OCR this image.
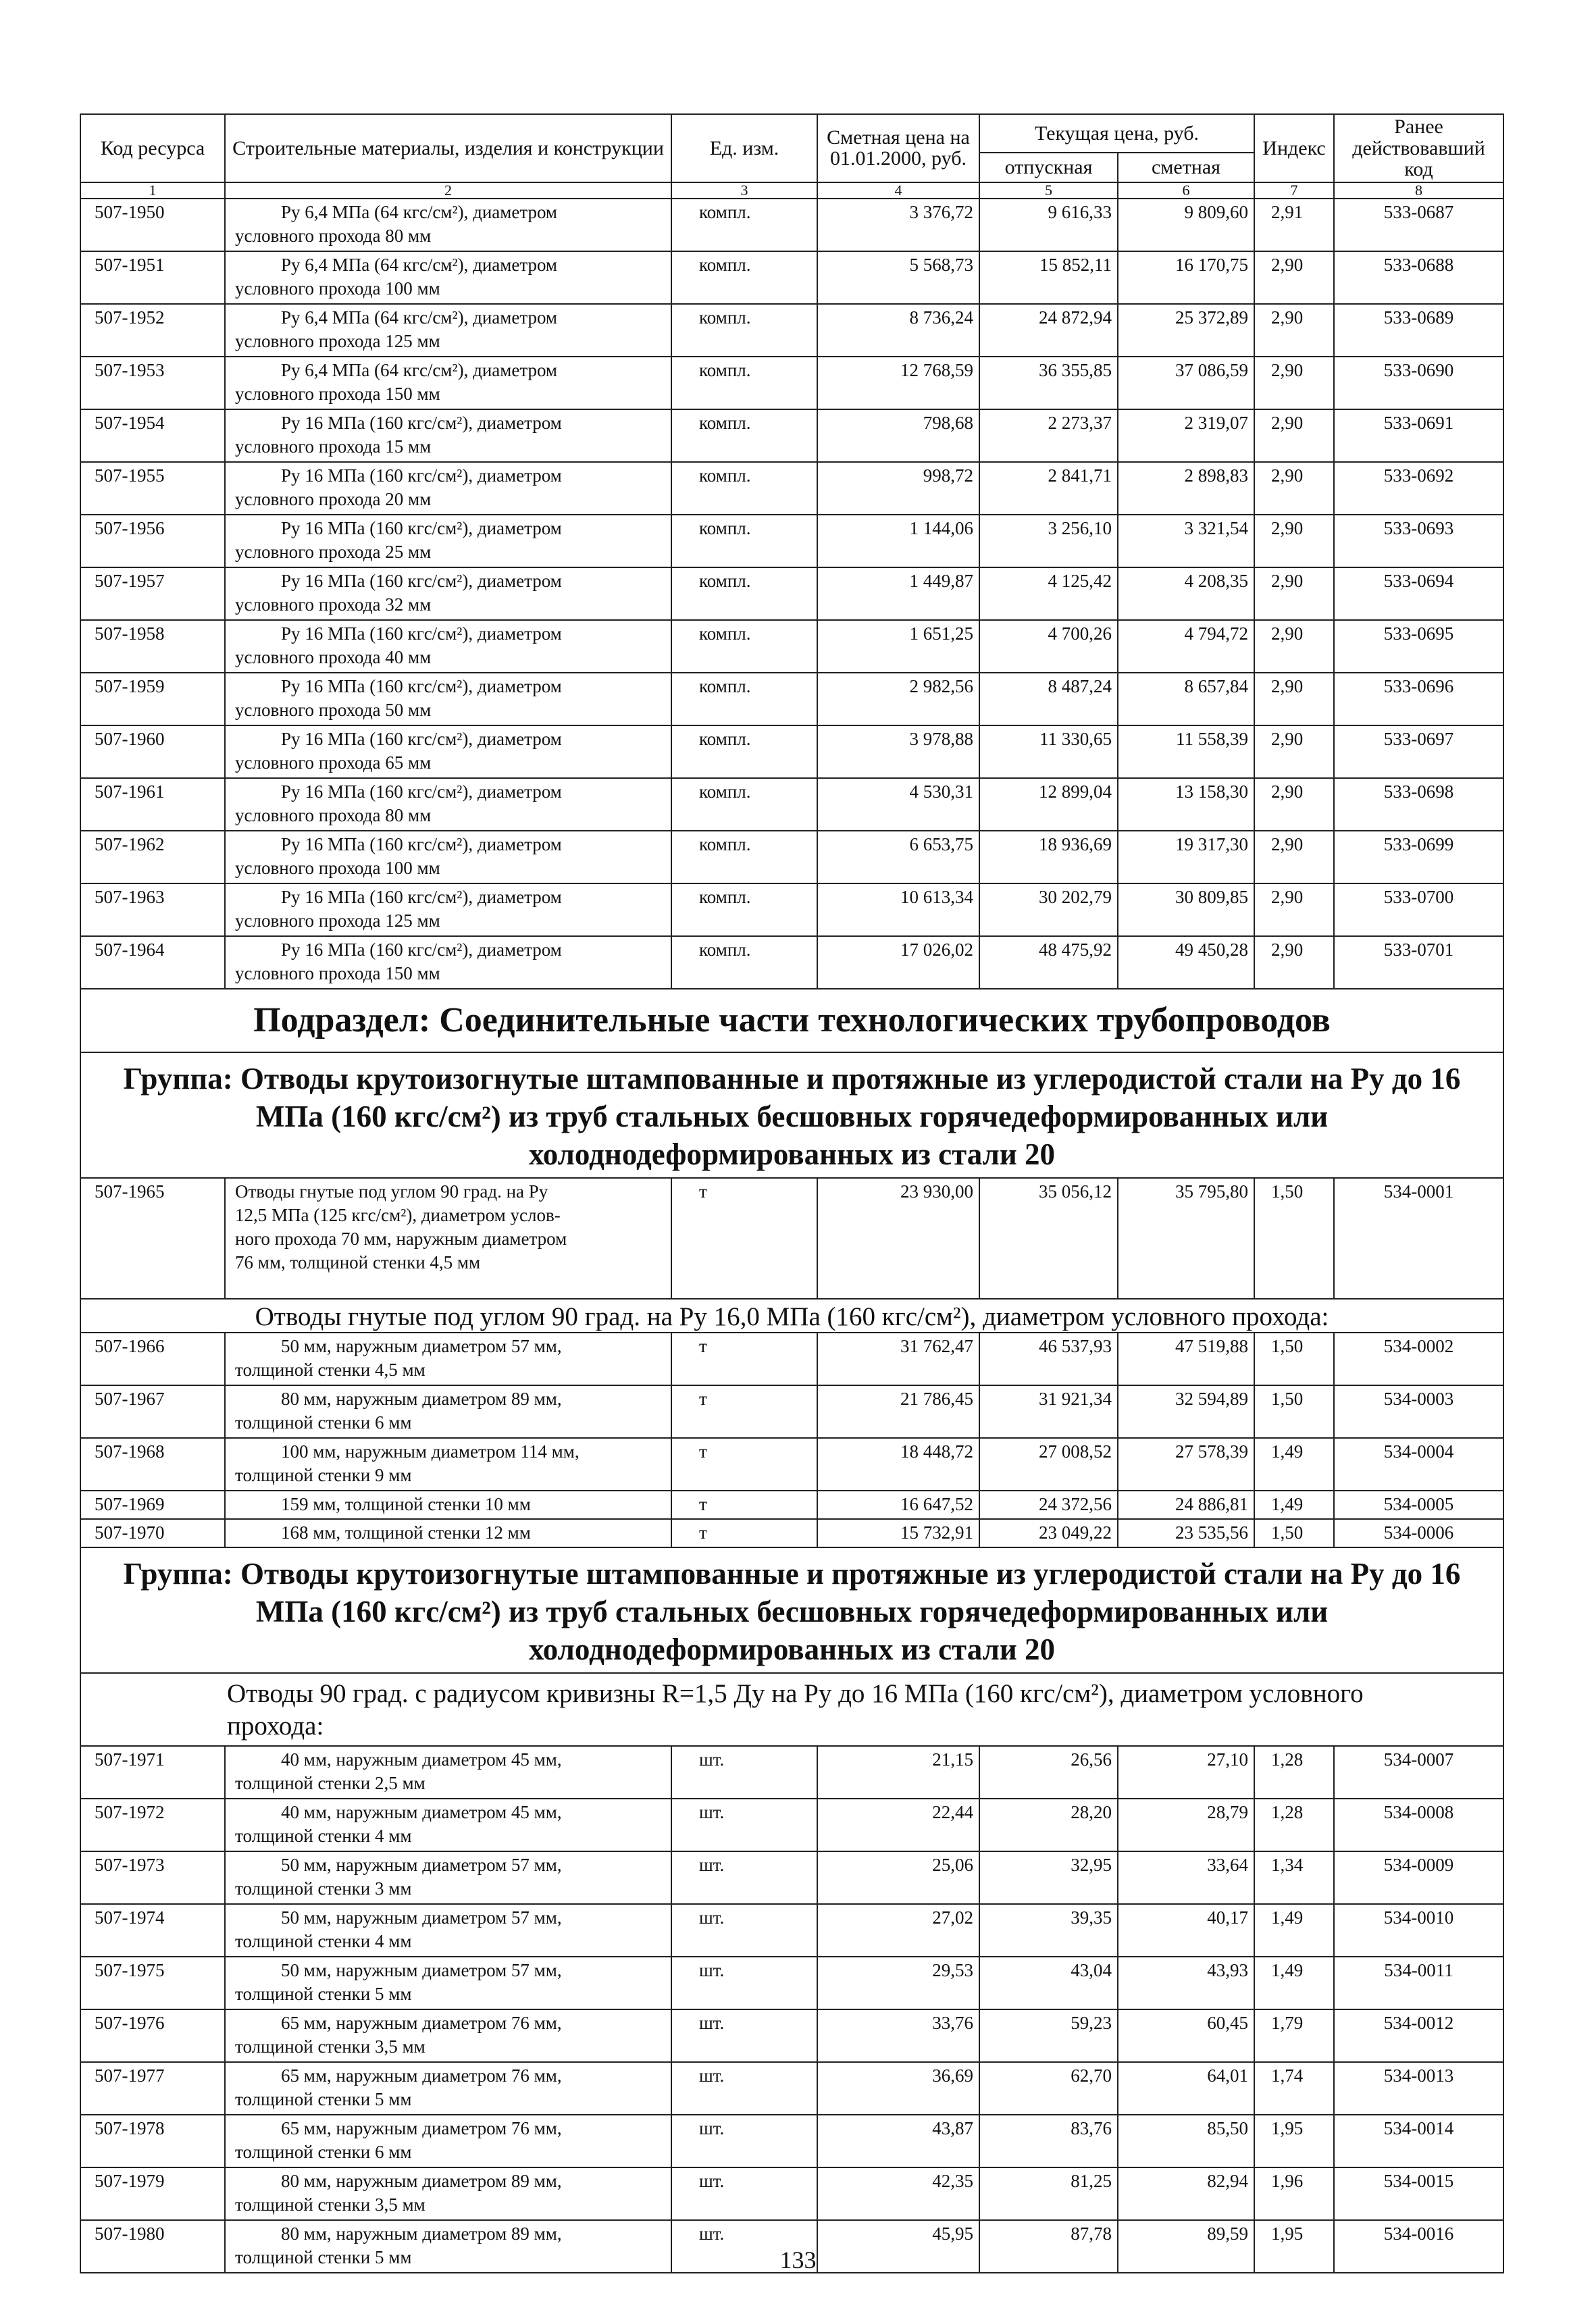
Код ресурса	Строительные материалы, изделия и конструкции	Ед. изм.	Сметная цена на 01.01.2000, руб.	Текущая цена, руб.		Индекс	Ранее действовавший код
				отпускная	сметная		
1	2	3	4	5	6	7	8
507-1950	Ру 6,4 МПа (64 кгс/см²), диаметром
условного прохода 80 мм	компл.	3 376,72	9 616,33	9 809,60	2,91	533-0687
507-1951	Ру 6,4 МПа (64 кгс/см²), диаметром
условного прохода 100 мм	компл.	5 568,73	15 852,11	16 170,75	2,90	533-0688
507-1952	Ру 6,4 МПа (64 кгс/см²), диаметром
условного прохода 125 мм	компл.	8 736,24	24 872,94	25 372,89	2,90	533-0689
507-1953	Ру 6,4 МПа (64 кгс/см²), диаметром
условного прохода 150 мм	компл.	12 768,59	36 355,85	37 086,59	2,90	533-0690
507-1954	Ру 16 МПа (160 кгс/см²), диаметром
условного прохода 15 мм	компл.	798,68	2 273,37	2 319,07	2,90	533-0691
507-1955	Ру 16 МПа (160 кгс/см²), диаметром
условного прохода 20 мм	компл.	998,72	2 841,71	2 898,83	2,90	533-0692
507-1956	Ру 16 МПа (160 кгс/см²), диаметром
условного прохода 25 мм	компл.	1 144,06	3 256,10	3 321,54	2,90	533-0693
507-1957	Ру 16 МПа (160 кгс/см²), диаметром
условного прохода 32 мм	компл.	1 449,87	4 125,42	4 208,35	2,90	533-0694
507-1958	Ру 16 МПа (160 кгс/см²), диаметром
условного прохода 40 мм	компл.	1 651,25	4 700,26	4 794,72	2,90	533-0695
507-1959	Ру 16 МПа (160 кгс/см²), диаметром
условного прохода 50 мм	компл.	2 982,56	8 487,24	8 657,84	2,90	533-0696
507-1960	Ру 16 МПа (160 кгс/см²), диаметром
условного прохода 65 мм	компл.	3 978,88	11 330,65	11 558,39	2,90	533-0697
507-1961	Ру 16 МПа (160 кгс/см²), диаметром
условного прохода 80 мм	компл.	4 530,31	12 899,04	13 158,30	2,90	533-0698
507-1962	Ру 16 МПа (160 кгс/см²), диаметром
условного прохода 100 мм	компл.	6 653,75	18 936,69	19 317,30	2,90	533-0699
507-1963	Ру 16 МПа (160 кгс/см²), диаметром
условного прохода 125 мм	компл.	10 613,34	30 202,79	30 809,85	2,90	533-0700
507-1964	Ру 16 МПа (160 кгс/см²), диаметром
условного прохода 150 мм	компл.	17 026,02	48 475,92	49 450,28	2,90	533-0701
Подраздел: Соединительные части технологических трубопроводов							

Группа: Отводы крутоизогнутые штампованные и протяжные из углеродистой стали на Ру до 16
МПа (160 кгс/см²) из труб стальных бесшовных горячедеформированных или
холоднодеформированных из стали 20							

507-1965	Отводы гнутые под углом 90 град. на Ру
12,5 МПа (125 кгс/см²), диаметром услов-
ного прохода 70 мм, наружным диаметром
76 мм, толщиной стенки 4,5 мм	т	23 930,00	35 056,12	35 795,80	1,50	534-0001
Отводы гнутые под углом 90 град. на Ру 16,0 МПа (160 кгс/см²), диаметром условного прохода:							
507-1966	50 мм, наружным диаметром 57 мм,
толщиной стенки 4,5 мм	т	31 762,47	46 537,93	47 519,88	1,50	534-0002
507-1967	80 мм, наружным диаметром 89 мм,
толщиной стенки 6 мм	т	21 786,45	31 921,34	32 594,89	1,50	534-0003
507-1968	100 мм, наружным диаметром 114 мм,
толщиной стенки 9 мм	т	18 448,72	27 008,52	27 578,39	1,49	534-0004
507-1969	159 мм, толщиной стенки 10 мм	т	16 647,52	24 372,56	24 886,81	1,49	534-0005
507-1970	168 мм, толщиной стенки 12 мм	т	15 732,91	23 049,22	23 535,56	1,50	534-0006

Группа: Отводы крутоизогнутые штампованные и протяжные из углеродистой стали на Ру до 16
МПа (160 кгс/см²) из труб стальных бесшовных горячедеформированных или
холоднодеформированных из стали 20							

Отводы 90 град. с радиусом кривизны R=1,5 Ду на Ру до 16 МПа (160 кгс/см²), диаметром условного
прохода:							

507-1971	40 мм, наружным диаметром 45 мм,
толщиной стенки 2,5 мм	шт.	21,15	26,56	27,10	1,28	534-0007
507-1972	40 мм, наружным диаметром 45 мм,
толщиной стенки 4 мм	шт.	22,44	28,20	28,79	1,28	534-0008
507-1973	50 мм, наружным диаметром 57 мм,
толщиной стенки 3 мм	шт.	25,06	32,95	33,64	1,34	534-0009
507-1974	50 мм, наружным диаметром 57 мм,
толщиной стенки 4 мм	шт.	27,02	39,35	40,17	1,49	534-0010
507-1975	50 мм, наружным диаметром 57 мм,
толщиной стенки 5 мм	шт.	29,53	43,04	43,93	1,49	534-0011
507-1976	65 мм, наружным диаметром 76 мм,
толщиной стенки 3,5 мм	шт.	33,76	59,23	60,45	1,79	534-0012
507-1977	65 мм, наружным диаметром 76 мм,
толщиной стенки 5 мм	шт.	36,69	62,70	64,01	1,74	534-0013
507-1978	65 мм, наружным диаметром 76 мм,
толщиной стенки 6 мм	шт.	43,87	83,76	85,50	1,95	534-0014
507-1979	80 мм, наружным диаметром 89 мм,
толщиной стенки 3,5 мм	шт.	42,35	81,25	82,94	1,96	534-0015
507-1980	80 мм, наружным диаметром 89 мм,
толщиной стенки 5 мм	шт.	45,95	87,78	89,59	1,95	534-0016
133
